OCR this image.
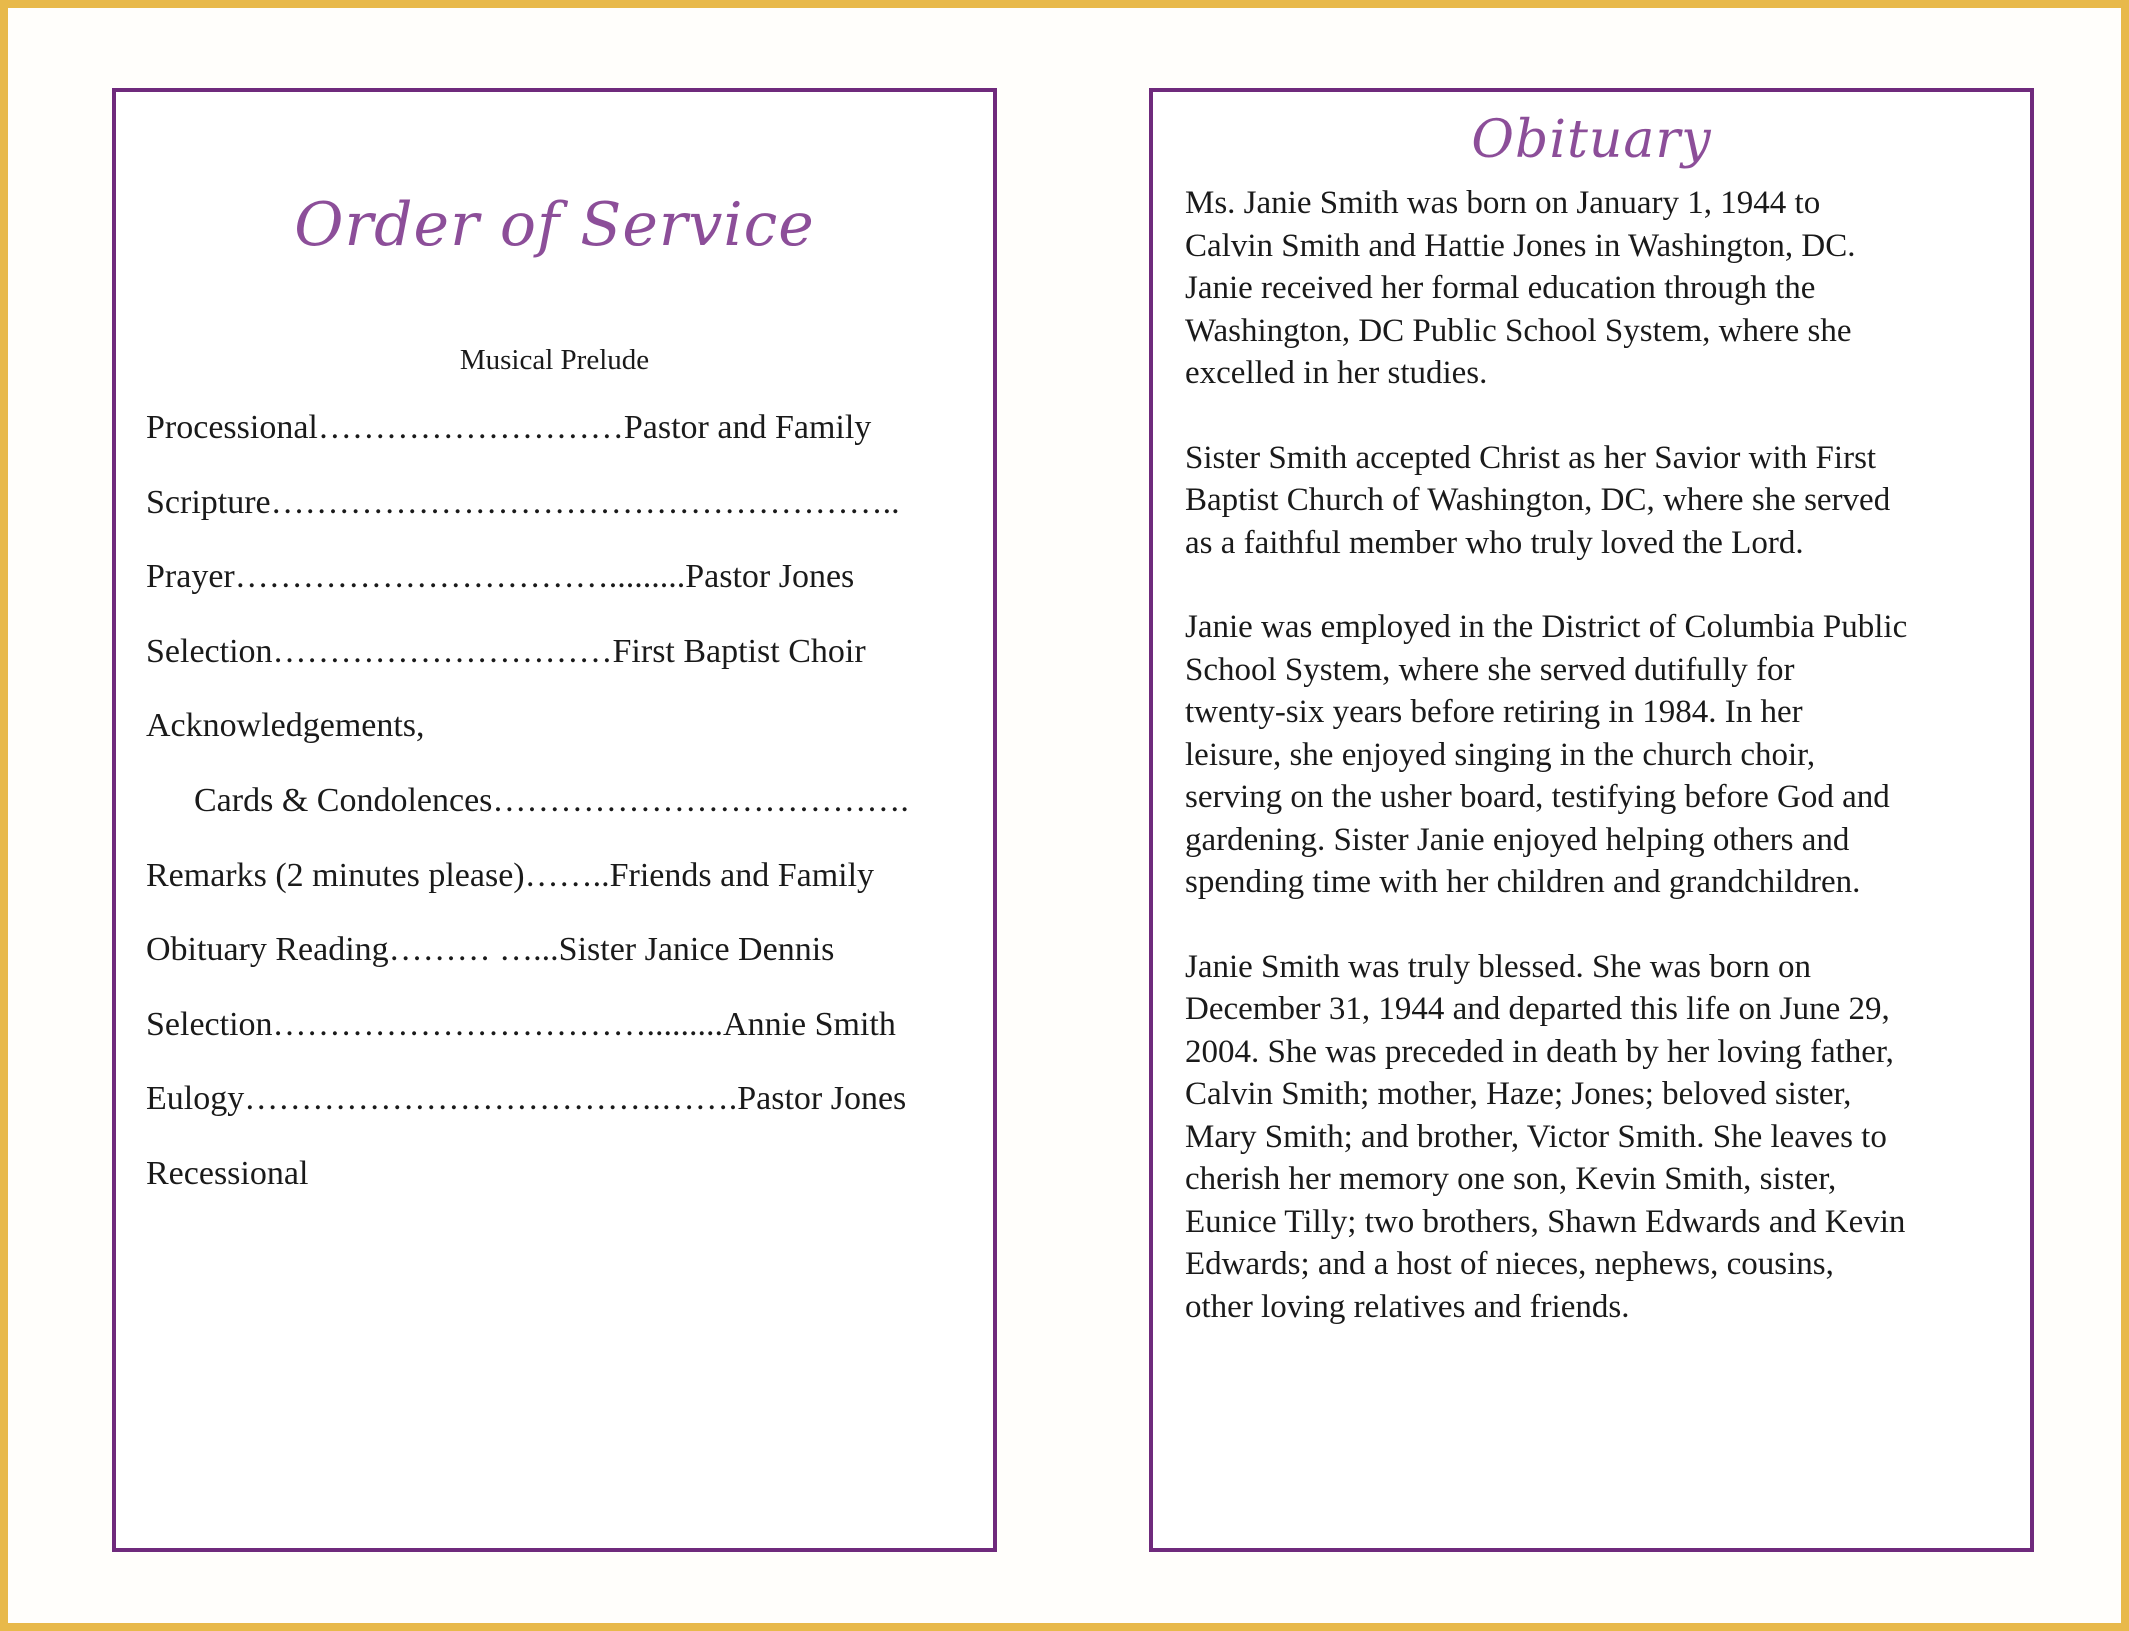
Order of Service
Musical Prelude
Processional………………………Pastor and Family
Scripture………………………………………………..
Prayer…………………………….........Pastor Jones
Selection…………………………First Baptist Choir
Acknowledgements,
Cards & Condolences……………………………….
Remarks (2 minutes please)……..Friends and Family
Obituary Reading……… …...Sister Janice Dennis
Selection…………………………….........Annie Smith
Eulogy……………………………….…….Pastor Jones
Recessional
Obituary

Ms. Janie Smith was born on January 1, 1944 to
Calvin Smith and Hattie Jones in Washington, DC.
Janie received her formal education through the
Washington, DC Public School System, where she
excelled in her studies.

Sister Smith accepted Christ as her Savior with First
Baptist Church of Washington, DC, where she served
as a faithful member who truly loved the Lord.

Janie was employed in the District of Columbia Public
School System, where she served dutifully for
twenty-six years before retiring in 1984. In her
leisure, she enjoyed singing in the church choir,
serving on the usher board, testifying before God and
gardening. Sister Janie enjoyed helping others and
spending time with her children and grandchildren.

Janie Smith was truly blessed. She was born on
December 31, 1944 and departed this life on June 29,
2004. She was preceded in death by her loving father,
Calvin Smith; mother, Haze; Jones; beloved sister,
Mary Smith; and brother, Victor Smith. She leaves to
cherish her memory one son, Kevin Smith, sister,
Eunice Tilly; two brothers, Shawn Edwards and Kevin
Edwards; and a host of nieces, nephews, cousins,
other loving relatives and friends.
